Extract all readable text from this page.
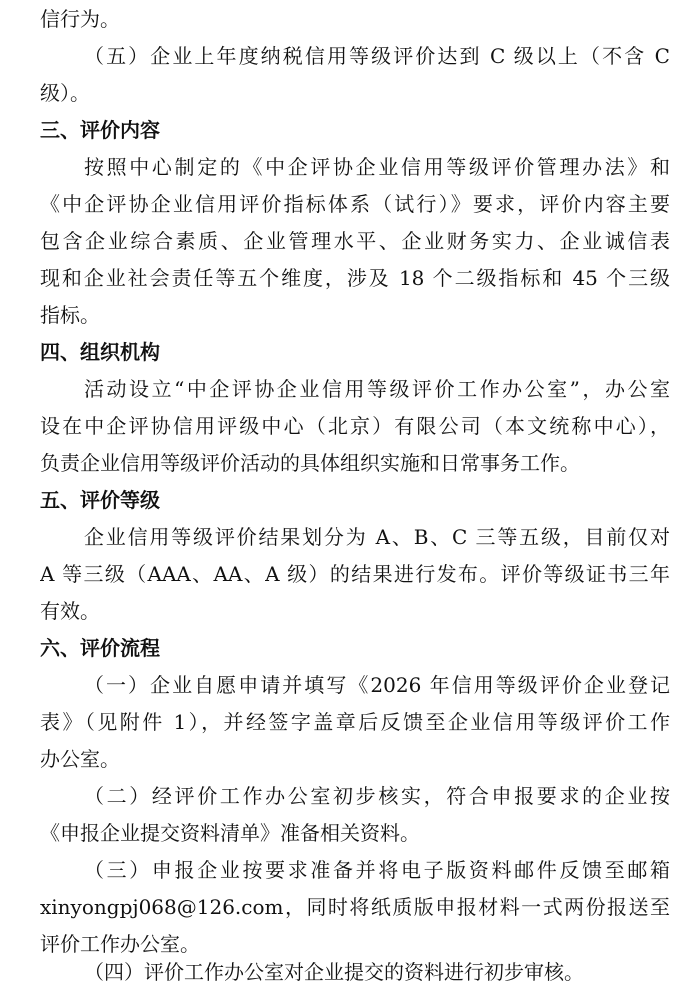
信行为。
（五）企业上年度纳税信用等级评价达到 C 级以上（不含 C
级）。
三、评价内容
按照中心制定的《中企评协企业信用等级评价管理办法》和
《中企评协企业信用评价指标体系（试行）》要求，评价内容主要
包含企业综合素质、企业管理水平、企业财务实力、企业诚信表
现和企业社会责任等五个维度，涉及 18 个二级指标和 45 个三级
指标。
四、组织机构
活动设立“中企评协企业信用等级评价工作办公室”，办公室
设在中企评协信用评级中心（北京）有限公司（本文统称中心），
负责企业信用等级评价活动的具体组织实施和日常事务工作。
五、评价等级
企业信用等级评价结果划分为 A、B、C 三等五级，目前仅对
A 等三级（AAA、AA、A 级）的结果进行发布。评价等级证书三年
有效。
六、评价流程
（一）企业自愿申请并填写《2026 年信用等级评价企业登记
表》（见附件 1），并经签字盖章后反馈至企业信用等级评价工作
办公室。
（二）经评价工作办公室初步核实，符合申报要求的企业按
《申报企业提交资料清单》准备相关资料。
（三）申报企业按要求准备并将电子版资料邮件反馈至邮箱
xinyongpj068@126.com，同时将纸质版申报材料一式两份报送至
评价工作办公室。
（四）评价工作办公室对企业提交的资料进行初步审核。
